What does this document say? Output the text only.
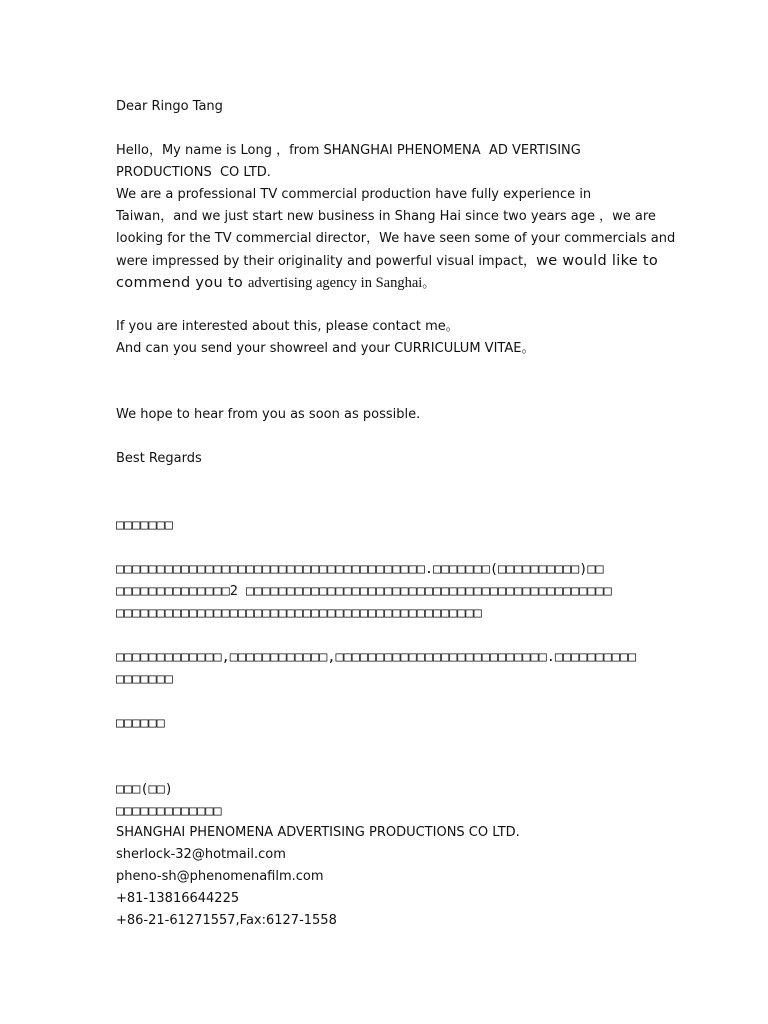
Dear Ringo Tang
Hello，My name is Long ，from SHANGHAI PHENOMENA  AD VERTISING
PRODUCTIONS  CO LTD.
We are a professional TV commercial production have fully experience in
Taiwan，and we just start new business in Shang Hai since two years age ，we are
looking for the TV commercial director，We have seen some of your commercials and
were impressed by their originality and powerful visual impact，we would like to
commend you to advertising agency in Sanghai。
If you are interested about this, please contact me。
And can you send your showreel and your CURRICULUM VITAE。
We hope to hear from you as soon as possible.
Best Regards
□□□□□□□
□□□□□□□□□□□□□□□□□□□□□□□□□□□□□□□□□□□□□□.□□□□□□□(□□□□□□□□□□)□□
□□□□□□□□□□□□□□2 □□□□□□□□□□□□□□□□□□□□□□□□□□□□□□□□□□□□□□□□□□□□□
□□□□□□□□□□□□□□□□□□□□□□□□□□□□□□□□□□□□□□□□□□□□□
□□□□□□□□□□□□□,□□□□□□□□□□□□,□□□□□□□□□□□□□□□□□□□□□□□□□□.□□□□□□□□□□
□□□□□□□
□□□□□□
□□□(□□)
□□□□□□□□□□□□□
SHANGHAI PHENOMENA ADVERTISING PRODUCTIONS CO LTD.
sherlock-32@hotmail.com
pheno-sh@phenomenafilm.com
+81-13816644225
+86-21-61271557,Fax:6127-1558
